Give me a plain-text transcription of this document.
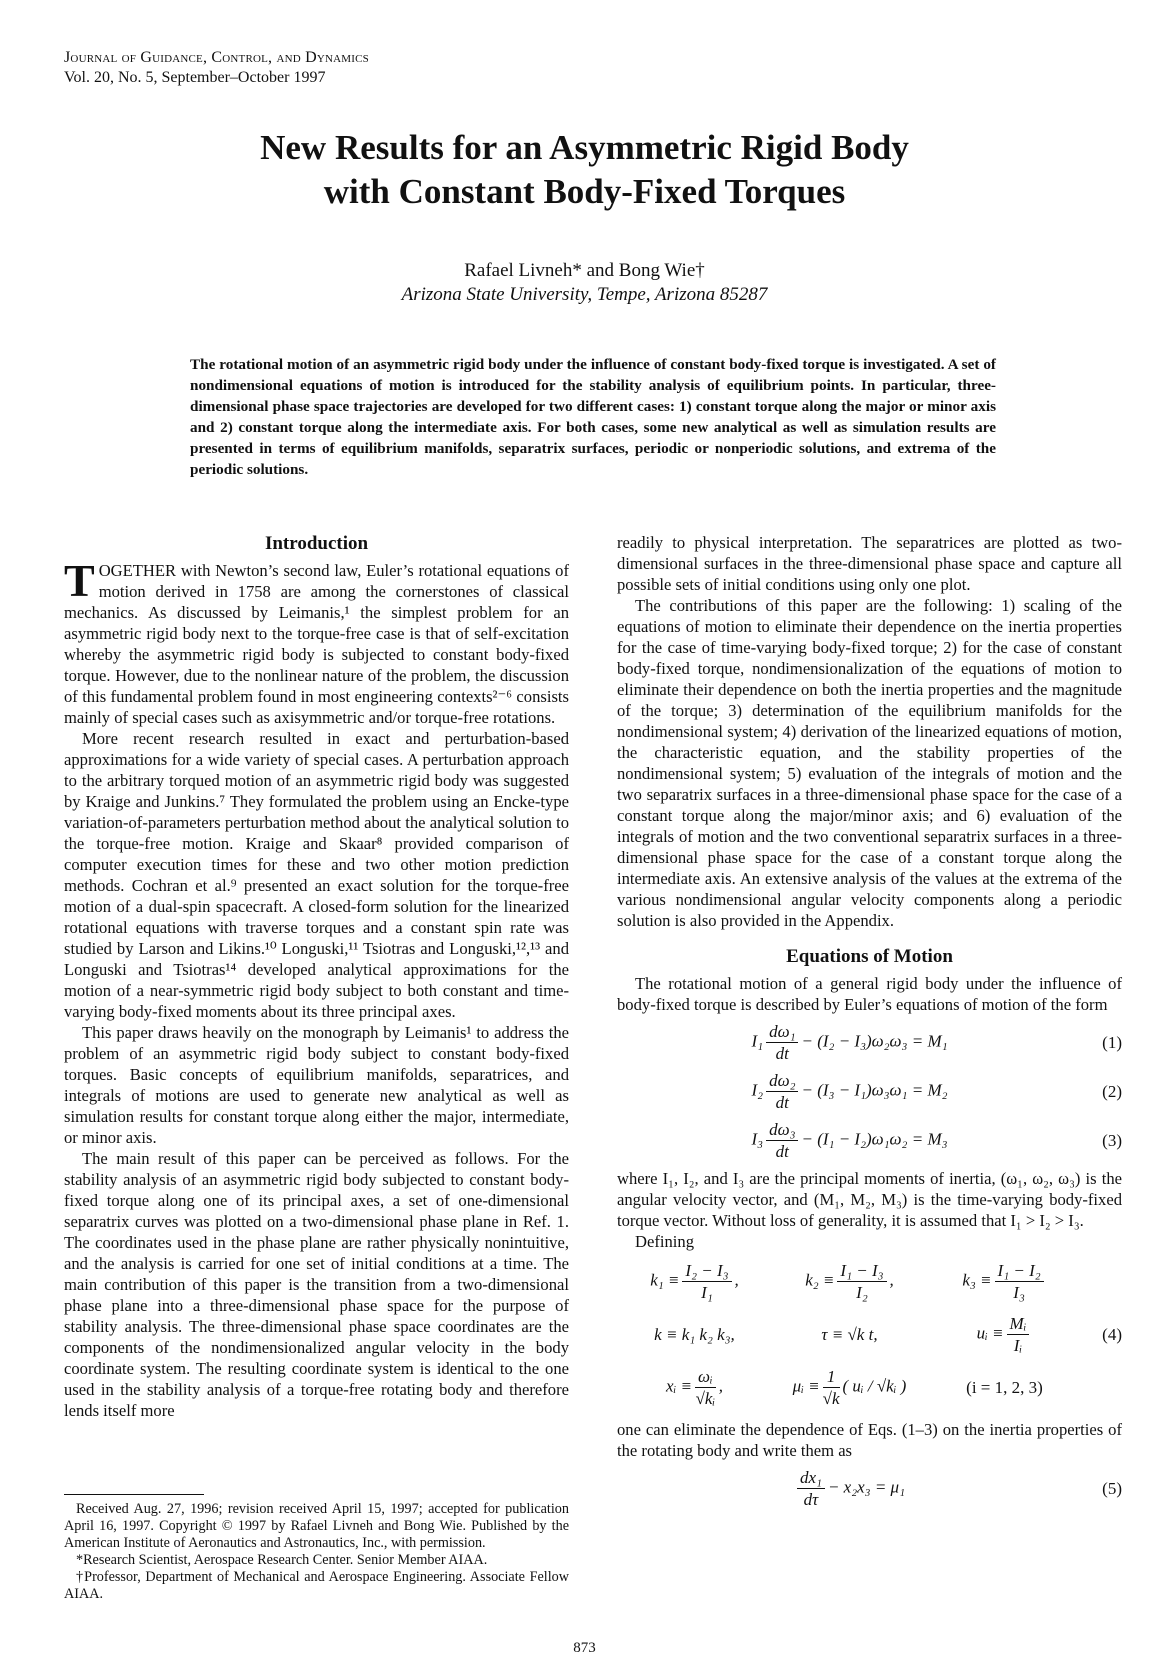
Journal of Guidance, Control, and Dynamics
Vol. 20, No. 5, September–October 1997
New Results for an Asymmetric Rigid Body
with Constant Body-Fixed Torques
Rafael Livneh* and Bong Wie†
Arizona State University, Tempe, Arizona 85287
The rotational motion of an asymmetric rigid body under the influence of constant body-fixed torque is investigated. A set of nondimensional equations of motion is introduced for the stability analysis of equilibrium points. In particular, three-dimensional phase space trajectories are developed for two different cases: 1) constant torque along the major or minor axis and 2) constant torque along the intermediate axis. For both cases, some new analytical as well as simulation results are presented in terms of equilibrium manifolds, separatrix surfaces, periodic or nonperiodic solutions, and extrema of the periodic solutions.
Introduction

TOGETHER with Newton’s second law, Euler’s rotational equations of motion derived in 1758 are among the cornerstones of classical mechanics. As discussed by Leimanis,¹ the simplest problem for an asymmetric rigid body next to the torque-free case is that of self-excitation whereby the asymmetric rigid body is subjected to constant body-fixed torque. However, due to the nonlinear nature of the problem, the discussion of this fundamental problem found in most engineering contexts²⁻⁶ consists mainly of special cases such as axisymmetric and/or torque-free rotations.

More recent research resulted in exact and perturbation-based approximations for a wide variety of special cases. A perturbation approach to the arbitrary torqued motion of an asymmetric rigid body was suggested by Kraige and Junkins.⁷ They formulated the problem using an Encke-type variation-of-parameters perturbation method about the analytical solution to the torque-free motion. Kraige and Skaar⁸ provided comparison of computer execution times for these and two other motion prediction methods. Cochran et al.⁹ presented an exact solution for the torque-free motion of a dual-spin spacecraft. A closed-form solution for the linearized rotational equations with traverse torques and a constant spin rate was studied by Larson and Likins.¹⁰ Longuski,¹¹ Tsiotras and Longuski,¹²,¹³ and Longuski and Tsiotras¹⁴ developed analytical approximations for the motion of a near-symmetric rigid body subject to both constant and time-varying body-fixed moments about its three principal axes.

This paper draws heavily on the monograph by Leimanis¹ to address the problem of an asymmetric rigid body subject to constant body-fixed torques. Basic concepts of equilibrium manifolds, separatrices, and integrals of motions are used to generate new analytical as well as simulation results for constant torque along either the major, intermediate, or minor axis.

The main result of this paper can be perceived as follows. For the stability analysis of an asymmetric rigid body subjected to constant body-fixed torque along one of its principal axes, a set of one-dimensional separatrix curves was plotted on a two-dimensional phase plane in Ref. 1. The coordinates used in the phase plane are rather physically nonintuitive, and the analysis is carried for one set of initial conditions at a time. The main contribution of this paper is the transition from a two-dimensional phase plane into a three-dimensional phase space for the purpose of stability analysis. The three-dimensional phase space coordinates are the components of the nondimensionalized angular velocity in the body coordinate system. The resulting coordinate system is identical to the one used in the stability analysis of a torque-free rotating body and therefore lends itself more

readily to physical interpretation. The separatrices are plotted as two-dimensional surfaces in the three-dimensional phase space and capture all possible sets of initial conditions using only one plot.

The contributions of this paper are the following: 1) scaling of the equations of motion to eliminate their dependence on the inertia properties for the case of time-varying body-fixed torque; 2) for the case of constant body-fixed torque, nondimensionalization of the equations of motion to eliminate their dependence on both the inertia properties and the magnitude of the torque; 3) determination of the equilibrium manifolds for the nondimensional system; 4) derivation of the linearized equations of motion, the characteristic equation, and the stability properties of the nondimensional system; 5) evaluation of the integrals of motion and the two separatrix surfaces in a three-dimensional phase space for the case of a constant torque along the major/minor axis; and 6) evaluation of the integrals of motion and the two conventional separatrix surfaces in a three-dimensional phase space for the case of a constant torque along the intermediate axis. An extensive analysis of the values at the extrema of the various nondimensional angular velocity components along a periodic solution is also provided in the Appendix.

Equations of Motion

The rotational motion of a general rigid body under the influence of body-fixed torque is described by Euler’s equations of motion of the form

$I_1 \frac{\text{dω₁}}{dt} - (I_2 - I_3)\omega_2\omega_3 = M_1$	(1)
$I_2 \frac{\text{dω₂}}{dt} - (I_3 - I_1)\omega_3\omega_1 = M_2$	(2)
$I_3 \frac{\text{dω₃}}{dt} - (I_1 - I_2)\omega_1\omega_2 = M_3$	(3)

where I₁, I₂, and I₃ are the principal moments of inertia, (ω₁, ω₂, ω₃) is the angular velocity vector, and (M₁, M₂, M₃) is the time-varying body-fixed torque vector. Without loss of generality, it is assumed that I₁ > I₂ > I₃.

Defining

$k_1 \equiv \frac{\text{I₂ − I₃}}{\text{I₁}}$ ,	$k_2 \equiv \frac{\text{I₁ − I₃}}{\text{I₂}}$ ,	$k_3 \equiv \frac{\text{I₁ − I₂}}{\text{I₃}}$
k ≡ k₁ k₂ k₃,	τ ≡ √k t,	uᵢ ≡ $\frac{\text{Mᵢ}}{\text{Iᵢ}}$	(4)
xᵢ ≡ $\frac{\text{ωᵢ}}{\text{√kᵢ}}$ ,	μᵢ ≡ $\frac{1}{√k}$ ( uᵢ / √kᵢ )	(i = 1, 2, 3)

one can eliminate the dependence of Eqs. (1–3) on the inertia properties of the rotating body and write them as

$\frac{\text{dx₁}}{d\tau} - x_2x_3 = \mu_1$	(5)

Received Aug. 27, 1996; revision received April 15, 1997; accepted for publication April 16, 1997. Copyright © 1997 by Rafael Livneh and Bong Wie. Published by the American Institute of Aeronautics and Astronautics, Inc., with permission.

*Research Scientist, Aerospace Research Center. Senior Member AIAA.

†Professor, Department of Mechanical and Aerospace Engineering. Associate Fellow AIAA.

873
